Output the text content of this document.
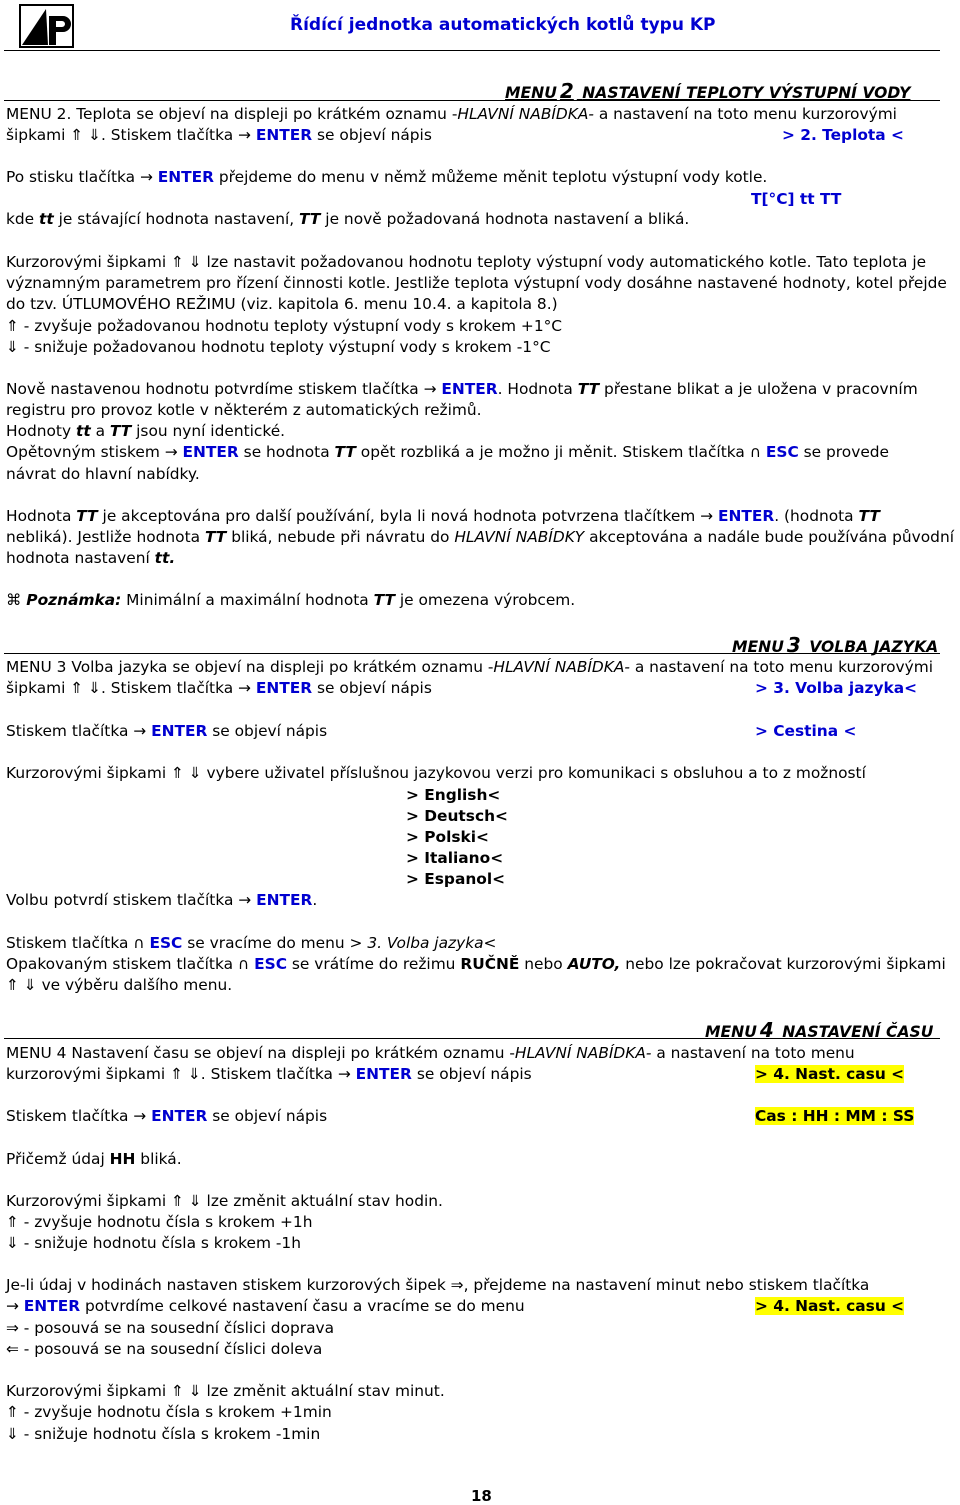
Řídící jednotka automatických kotlů typu KP
MENU 2 NASTAVENÍ TEPLOTY VÝSTUPNÍ VODY
MENU 2. Teplota se objeví na displeji po krátkém oznamu -HLAVNÍ NABÍDKA- a nastavení na toto menu kurzorovými
šipkami ⇑ ⇓. Stiskem tlačítka → ENTER se objeví nápis	> 2. Teplota <
Po stisku tlačítka → ENTER přejdeme do menu v němž můžeme měnit teplotu výstupní vody kotle.
T[°C] tt TT
kde tt je stávající hodnota nastavení, TT je nově požadovaná hodnota nastavení a bliká.
Kurzorovými šipkami ⇑ ⇓ lze nastavit požadovanou hodnotu teploty výstupní vody automatického kotle. Tato teplota je
významným parametrem pro řízení činnosti kotle. Jestliže teplota výstupní vody dosáhne nastavené hodnoty, kotel přejde
do tzv. ÚTLUMOVÉHO REŽIMU (viz. kapitola 6. menu 10.4. a kapitola 8.)
⇑ - zvyšuje požadovanou hodnotu teploty výstupní vody s krokem +1°C
⇓ - snižuje požadovanou hodnotu teploty výstupní vody s krokem -1°C
Nově nastavenou hodnotu potvrdíme stiskem tlačítka → ENTER. Hodnota TT přestane blikat a je uložena v pracovním
registru pro provoz kotle v některém z automatických režimů.
Hodnoty tt a TT jsou nyní identické.
Opětovným stiskem → ENTER se hodnota TT opět rozbliká a je možno ji měnit. Stiskem tlačítka ∩ ESC se provede
návrat do hlavní nabídky.
Hodnota TT je akceptována pro další používání, byla li nová hodnota potvrzena tlačítkem → ENTER. (hodnota TT
nebliká). Jestliže hodnota TT bliká, nebude při návratu do HLAVNÍ NABÍDKY akceptována a nadále bude používána původní
hodnota nastavení tt.
⌘ Poznámka: Minimální a maximální hodnota TT je omezena výrobcem.
MENU 3 VOLBA JAZYKA
MENU 3 Volba jazyka se objeví na displeji po krátkém oznamu -HLAVNÍ NABÍDKA- a nastavení na toto menu kurzorovými
šipkami ⇑ ⇓. Stiskem tlačítka → ENTER se objeví nápis	> 3. Volba jazyka<
Stiskem tlačítka → ENTER se objeví nápis	> Cestina <
Kurzorovými šipkami ⇑ ⇓ vybere uživatel příslušnou jazykovou verzi pro komunikaci s obsluhou a to z možností
> English<
> Deutsch<
> Polski<
> Italiano<
> Espanol<
Volbu potvrdí stiskem tlačítka → ENTER.
Stiskem tlačítka ∩ ESC se vracíme do menu > 3. Volba jazyka<
Opakovaným stiskem tlačítka ∩ ESC se vrátíme do režimu RUČNĚ nebo AUTO, nebo lze pokračovat kurzorovými šipkami
⇑ ⇓ ve výběru dalšího menu.
MENU 4 NASTAVENÍ ČASU
MENU 4 Nastavení času se objeví na displeji po krátkém oznamu -HLAVNÍ NABÍDKA- a nastavení na toto menu
kurzorovými šipkami ⇑ ⇓. Stiskem tlačítka → ENTER se objeví nápis	> 4. Nast. casu <
Stiskem tlačítka → ENTER se objeví nápis	Cas : HH : MM : SS
Přičemž údaj HH bliká.
Kurzorovými šipkami ⇑ ⇓ lze změnit aktuální stav hodin.
⇑ - zvyšuje hodnotu čísla s krokem +1h
⇓ - snižuje hodnotu čísla s krokem -1h
Je-li údaj v hodinách nastaven stiskem kurzorových šipek ⇒, přejdeme na nastavení minut nebo stiskem tlačítka
→ ENTER potvrdíme celkové nastavení času a vracíme se do menu	> 4. Nast. casu <
⇒ - posouvá se na sousední číslici doprava
⇐ - posouvá se na sousední číslici doleva
Kurzorovými šipkami ⇑ ⇓ lze změnit aktuální stav minut.
⇑ - zvyšuje hodnotu čísla s krokem +1min
⇓ - snižuje hodnotu čísla s krokem -1min
18
